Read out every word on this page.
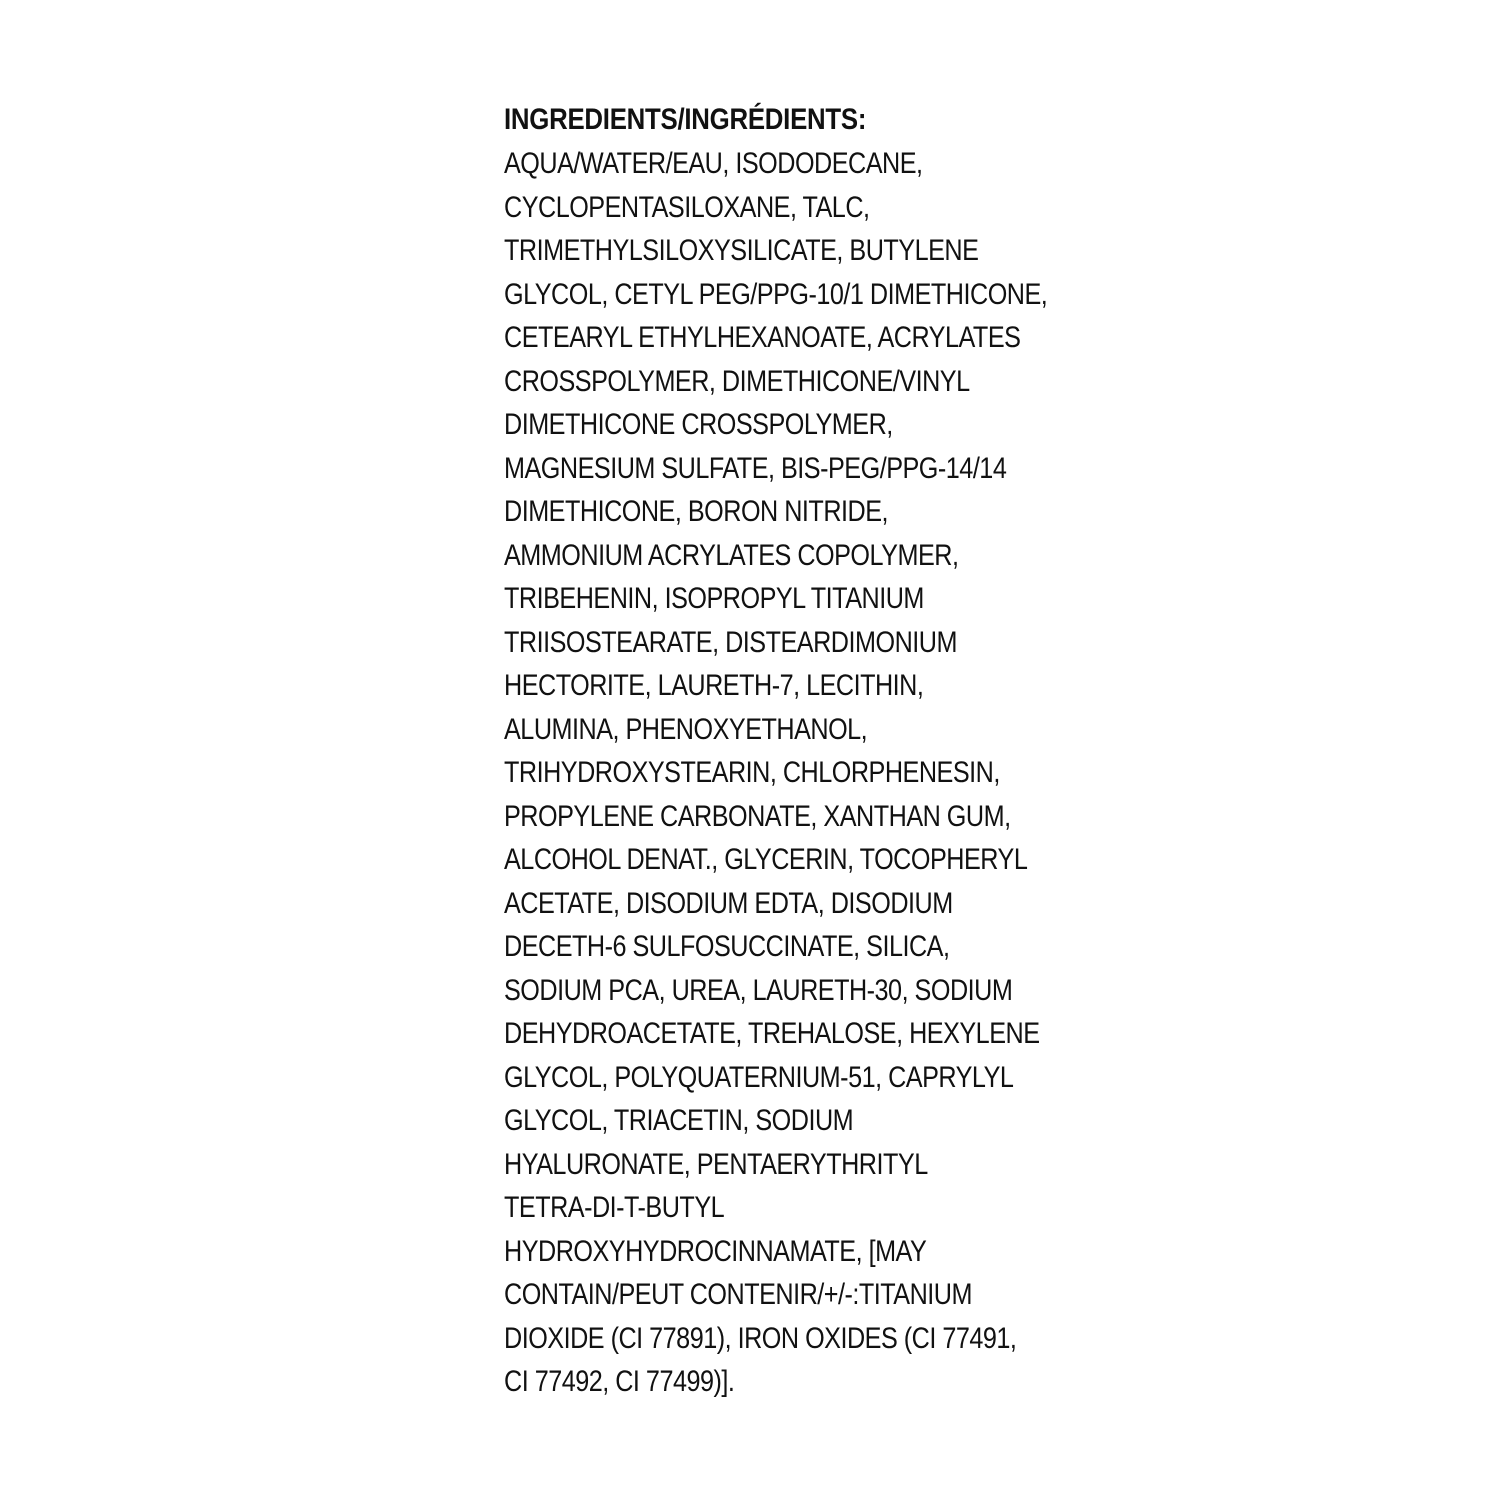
INGREDIENTS/INGRÉDIENTS:
AQUA/WATER/EAU, ISODODECANE,
CYCLOPENTASILOXANE, TALC,
TRIMETHYLSILOXYSILICATE, BUTYLENE
GLYCOL, CETYL PEG/PPG-10/1 DIMETHICONE,
CETEARYL ETHYLHEXANOATE, ACRYLATES
CROSSPOLYMER, DIMETHICONE/VINYL
DIMETHICONE CROSSPOLYMER,
MAGNESIUM SULFATE, BIS-PEG/PPG-14/14
DIMETHICONE, BORON NITRIDE,
AMMONIUM ACRYLATES COPOLYMER,
TRIBEHENIN, ISOPROPYL TITANIUM
TRIISOSTEARATE, DISTEARDIMONIUM
HECTORITE, LAURETH-7, LECITHIN,
ALUMINA, PHENOXYETHANOL,
TRIHYDROXYSTEARIN, CHLORPHENESIN,
PROPYLENE CARBONATE, XANTHAN GUM,
ALCOHOL DENAT., GLYCERIN, TOCOPHERYL
ACETATE, DISODIUM EDTA, DISODIUM
DECETH-6 SULFOSUCCINATE, SILICA,
SODIUM PCA, UREA, LAURETH-30, SODIUM
DEHYDROACETATE, TREHALOSE, HEXYLENE
GLYCOL, POLYQUATERNIUM-51, CAPRYLYL
GLYCOL, TRIACETIN, SODIUM
HYALURONATE, PENTAERYTHRITYL
TETRA-DI-T-BUTYL
HYDROXYHYDROCINNAMATE, [MAY
CONTAIN/PEUT CONTENIR/+/-:TITANIUM
DIOXIDE (CI 77891), IRON OXIDES (CI 77491,
CI 77492, CI 77499)].
